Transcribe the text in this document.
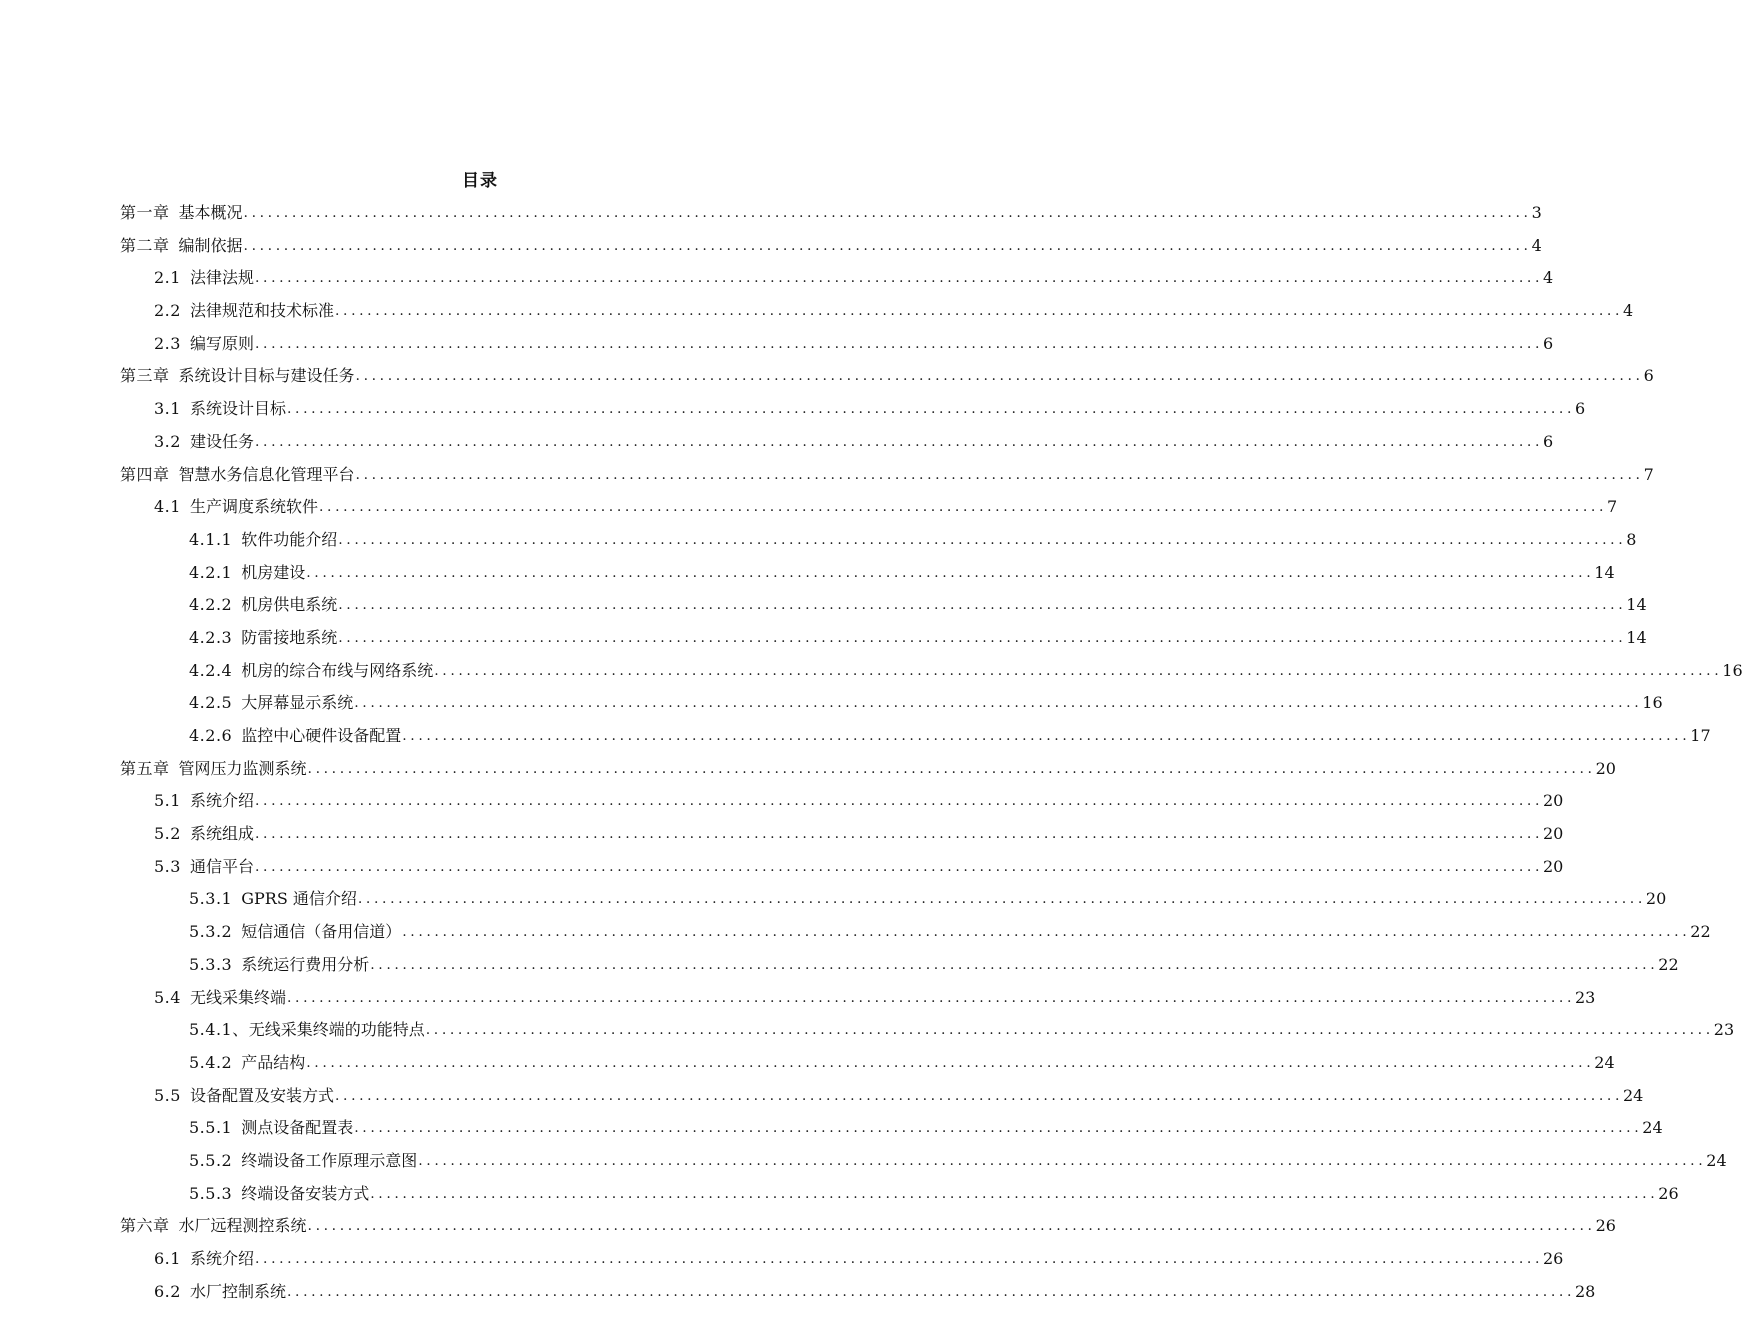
目录
第一章 基本概况 ................................................................................................................................................................ 3
第二章 编制依据 ................................................................................................................................................................ 4
2.1 法律法规 ................................................................................................................................................................ 4
2.2 法律规范和技术标准 ................................................................................................................................................................ 4
2.3 编写原则 ................................................................................................................................................................ 6
第三章 系统设计目标与建设任务 ................................................................................................................................................................ 6
3.1 系统设计目标 ................................................................................................................................................................ 6
3.2 建设任务 ................................................................................................................................................................ 6
第四章 智慧水务信息化管理平台 ................................................................................................................................................................ 7
4.1 生产调度系统软件 ................................................................................................................................................................ 7
4.1.1 软件功能介绍 ................................................................................................................................................................ 8
4.2.1 机房建设 ................................................................................................................................................................ 14
4.2.2 机房供电系统 ................................................................................................................................................................ 14
4.2.3 防雷接地系统 ................................................................................................................................................................ 14
4.2.4 机房的综合布线与网络系统 ................................................................................................................................................................ 16
4.2.5 大屏幕显示系统 ................................................................................................................................................................ 16
4.2.6 监控中心硬件设备配置 ................................................................................................................................................................ 17
第五章 管网压力监测系统 ................................................................................................................................................................ 20
5.1 系统介绍 ................................................................................................................................................................ 20
5.2 系统组成 ................................................................................................................................................................ 20
5.3 通信平台 ................................................................................................................................................................ 20
5.3.1 GPRS 通信介绍 ................................................................................................................................................................ 20
5.3.2 短信通信（备用信道） ................................................................................................................................................................ 22
5.3.3 系统运行费用分析 ................................................................................................................................................................ 22
5.4 无线采集终端 ................................................................................................................................................................ 23
5.4.1、 无线采集终端的功能特点 ................................................................................................................................................................ 23
5.4.2 产品结构 ................................................................................................................................................................ 24
5.5 设备配置及安装方式 ................................................................................................................................................................ 24
5.5.1 测点设备配置表 ................................................................................................................................................................ 24
5.5.2 终端设备工作原理示意图 ................................................................................................................................................................ 24
5.5.3 终端设备安装方式 ................................................................................................................................................................ 26
第六章 水厂远程测控系统 ................................................................................................................................................................ 26
6.1 系统介绍 ................................................................................................................................................................ 26
6.2 水厂控制系统 ................................................................................................................................................................ 28
